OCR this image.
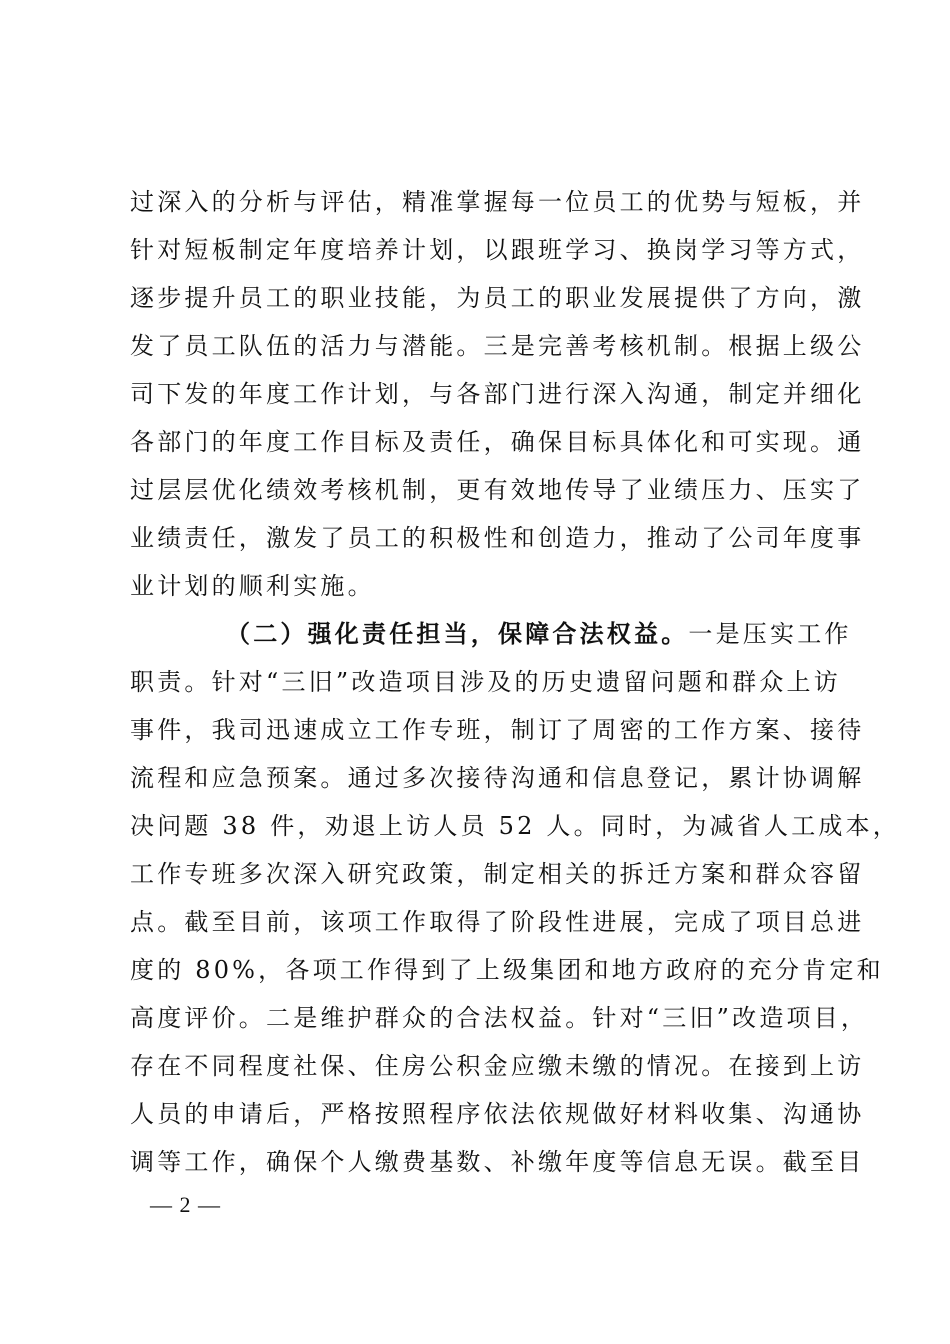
过深入的分析与评估，精准掌握每一位员工的优势与短板，并
针对短板制定年度培养计划，以跟班学习、换岗学习等方式，
逐步提升员工的职业技能，为员工的职业发展提供了方向，激
发了员工队伍的活力与潜能。三是完善考核机制。根据上级公
司下发的年度工作计划，与各部门进行深入沟通，制定并细化
各部门的年度工作目标及责任，确保目标具体化和可实现。通
过层层优化绩效考核机制，更有效地传导了业绩压力、压实了
业绩责任，激发了员工的积极性和创造力，推动了公司年度事
业计划的顺利实施。
（二）强化责任担当，保障合法权益。一是压实工作
职责。针对“三旧”改造项目涉及的历史遗留问题和群众上访
事件，我司迅速成立工作专班，制订了周密的工作方案、接待
流程和应急预案。通过多次接待沟通和信息登记，累计协调解
决问题 38 件，劝退上访人员 52 人。同时，为减省人工成本，
工作专班多次深入研究政策，制定相关的拆迁方案和群众容留
点。截至目前，该项工作取得了阶段性进展，完成了项目总进
度的 80%，各项工作得到了上级集团和地方政府的充分肯定和
高度评价。二是维护群众的合法权益。针对“三旧”改造项目，
存在不同程度社保、住房公积金应缴未缴的情况。在接到上访
人员的申请后，严格按照程序依法依规做好材料收集、沟通协
调等工作，确保个人缴费基数、补缴年度等信息无误。截至目
— 2 —
